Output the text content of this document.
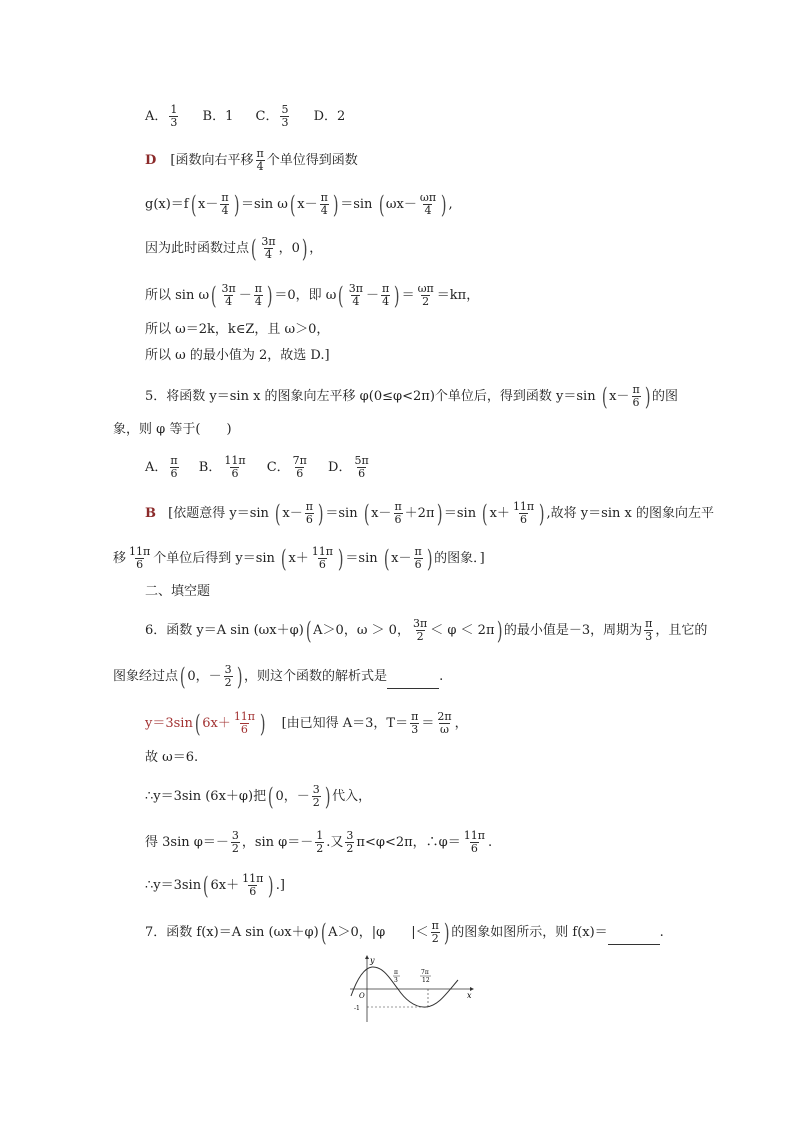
A． $\frac{1}{3}$ B．1 C． $\frac{5}{3}$ D．2
D [函数向右平移 $\frac{\pi}{4}$ 个单位得到函数
g(x)＝f( $x- \frac{\pi}{4}$ ) ＝sin ω( $x- \frac{\pi}{4}$ ) ＝sin ( $\omega x- \frac{\omega\pi}{4}$ ) ,
因为此时函数过点( $\frac{3\pi}{4}$ ，0) ，
所以 $\sin \omega( \frac{3\pi}{4} - \frac{\pi}{4}$ ) ＝0，即 $\omega( \frac{3\pi}{4} - \frac{\pi}{4}$ ) ＝ $\frac{\omega\pi}{2} =k\pi$，
所以 ω＝2k，k∈Z，且 ω＞0，
所以 ω 的最小值为 2，故选 D.]
5．将函数 y＝sin x 的图象向左平移 φ(0≤φ<2π)个单位后，得到函数 y＝sin ( $x- \frac{\pi}{6}$ ) 的图
象，则 φ 等于(　　)
A． $\frac{\pi}{6}$ B． $\frac{11\pi}{6}$ C． $\frac{7\pi}{6}$ D． $\frac{5\pi}{6}$
B [依题意得 y＝sin ( $x- \frac{\pi}{6}$ ) ＝sin ( $x- \frac{\pi}{6} +2\pi) =\sin$ ( $x+ \frac{11\pi}{6}$ ) ,故将 y＝sin x 的图象向左平
移 $\frac{11\pi}{6}$ 个单位后得到 y＝sin ( $x+ \frac{11\pi}{6}$ ) ＝sin ( $x- \frac{\pi}{6}$ ) 的图象．]
二、填空题
6．函数 y＝A sin (ωx＋φ)( A＞0，ω ＞ 0， $\frac{3\pi}{2} < \varphi < 2\pi$) 的最小值是－3，周期为 $\frac{\pi}{3}$ ，且它的
图象经过点( 0，－ $\frac{3}{2}$ ) ，则这个函数的解析式是	.
y＝3sin( $6x+ \frac{11\pi}{6}$ ) [由已知得 A＝3，$T= \frac{\pi}{3} = \frac{2\pi}{\omega}$ ，
故 ω＝6.
∴y＝3sin (6x＋φ)把( 0，－ $\frac{3}{2}$ ) 代入，
得 3sin $\varphi=- \frac{3}{2}$ ，$\sin \varphi=- \frac{1}{2}$ .又 $\frac{3}{2} \pi<\varphi<2\pi$，∴φ＝ $\frac{11\pi}{6}$ .
∴y＝3sin( $6x+ \frac{11\pi}{6}$ ) .]
7．函数 f(x)＝A sin (ωx＋φ)( A＞0，|φ　　|＜ $\frac{\pi}{2}$ ) 的图象如图所示，则 f(x)＝	.
y
x
O
π
3
7π
12
-1
